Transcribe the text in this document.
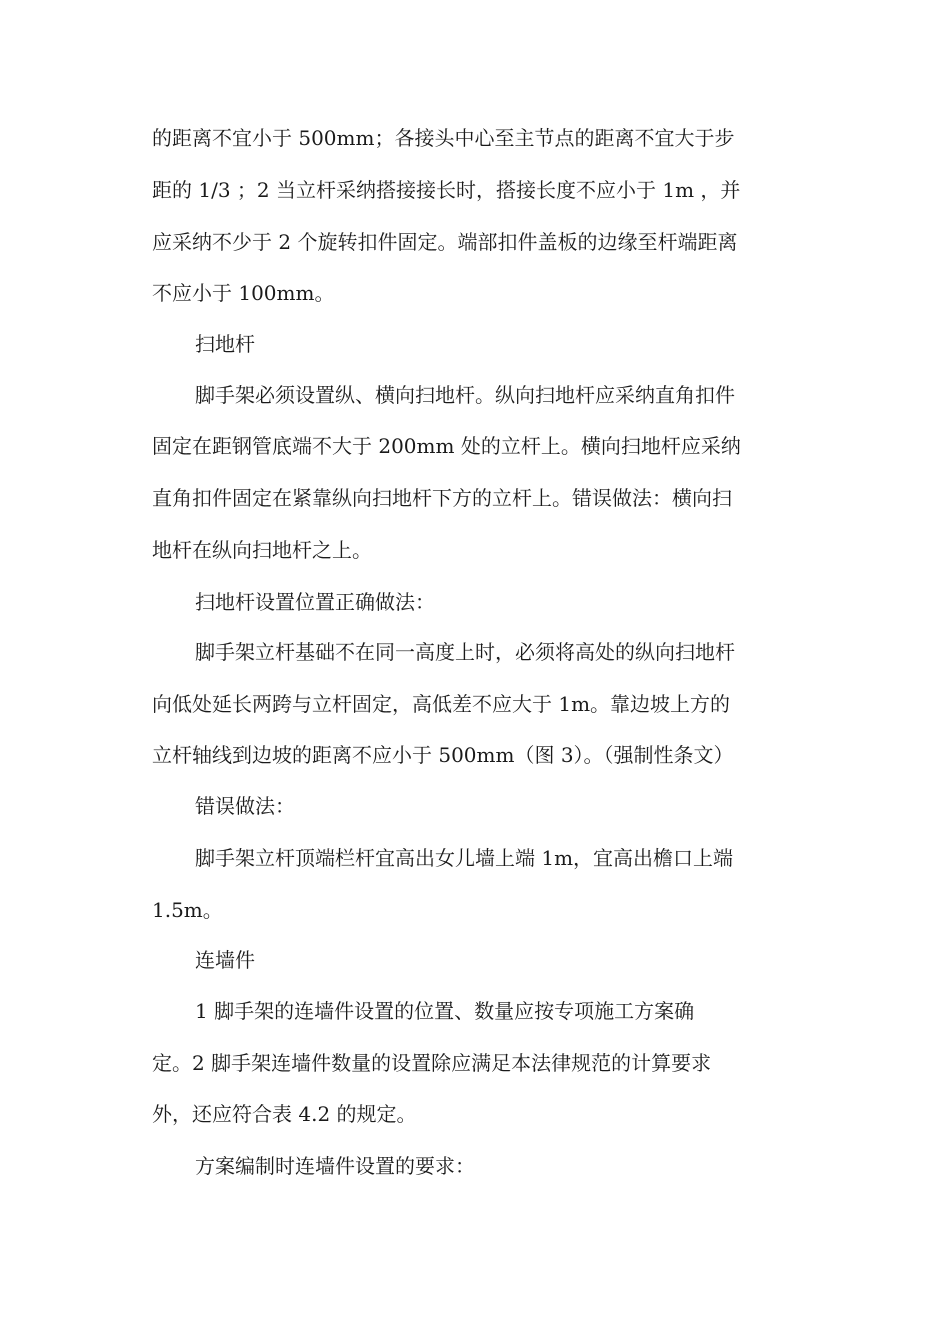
的距离不宜小于 500mm；各接头中心至主节点的距离不宜大于步

距的 1/3 ；2 当立杆采纳搭接接长时，搭接长度不应小于 1m ，并

应采纳不少于 2 个旋转扣件固定。端部扣件盖板的边缘至杆端距离

不应小于 100mm。

扫地杆

脚手架必须设置纵、横向扫地杆。纵向扫地杆应采纳直角扣件

固定在距钢管底端不大于 200mm 处的立杆上。横向扫地杆应采纳

直角扣件固定在紧靠纵向扫地杆下方的立杆上。错误做法：横向扫

地杆在纵向扫地杆之上。

扫地杆设置位置正确做法：

脚手架立杆基础不在同一高度上时，必须将高处的纵向扫地杆

向低处延长两跨与立杆固定，高低差不应大于 1m。靠边坡上方的

立杆轴线到边坡的距离不应小于 500mm（图 3）。（强制性条文）

错误做法：

脚手架立杆顶端栏杆宜高出女儿墙上端 1m，宜高出檐口上端

1.5m。

连墙件

1 脚手架的连墙件设置的位置、数量应按专项施工方案确

定。2 脚手架连墙件数量的设置除应满足本法律规范的计算要求

外，还应符合表 4.2 的规定。

方案编制时连墙件设置的要求：
